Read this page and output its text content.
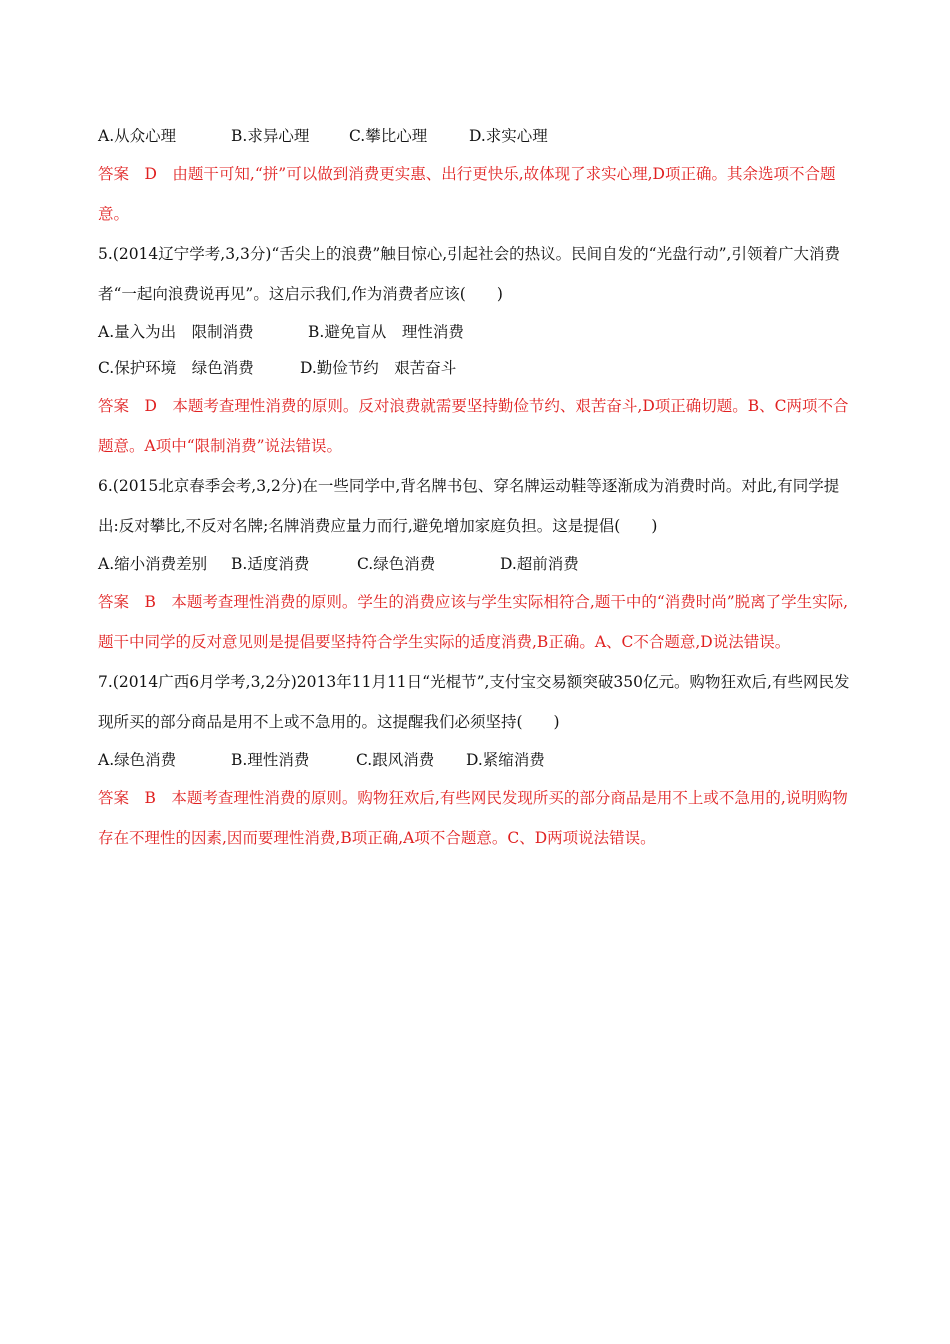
A.从众心理	B.求异心理	C.攀比心理	D.求实心理
答案　D　由题干可知,“拼”可以做到消费更实惠、出行更快乐,故体现了求实心理,D项正确。其余选项不合题意。
5.(2014辽宁学考,3,3分)“舌尖上的浪费”触目惊心,引起社会的热议。民间自发的“光盘行动”,引领着广大消费者“一起向浪费说再见”。这启示我们,作为消费者应该(　　)
A.量入为出　限制消费	B.避免盲从　理性消费
C.保护环境　绿色消费	D.勤俭节约　艰苦奋斗
答案　D　本题考查理性消费的原则。反对浪费就需要坚持勤俭节约、艰苦奋斗,D项正确切题。B、C两项不合题意。A项中“限制消费”说法错误。
6.(2015北京春季会考,3,2分)在一些同学中,背名牌书包、穿名牌运动鞋等逐渐成为消费时尚。对此,有同学提出:反对攀比,不反对名牌;名牌消费应量力而行,避免增加家庭负担。这是提倡(　　)
A.缩小消费差别 B.适度消费	C.绿色消费	D.超前消费
答案　B　本题考查理性消费的原则。学生的消费应该与学生实际相符合,题干中的“消费时尚”脱离了学生实际,题干中同学的反对意见则是提倡要坚持符合学生实际的适度消费,B正确。A、C不合题意,D说法错误。
7.(2014广西6月学考,3,2分)2013年11月11日“光棍节”,支付宝交易额突破350亿元。购物狂欢后,有些网民发现所买的部分商品是用不上或不急用的。这提醒我们必须坚持(　　)
A.绿色消费	B.理性消费	C.跟风消费 D.紧缩消费
答案　B　本题考查理性消费的原则。购物狂欢后,有些网民发现所买的部分商品是用不上或不急用的,说明购物存在不理性的因素,因而要理性消费,B项正确,A项不合题意。C、D两项说法错误。
